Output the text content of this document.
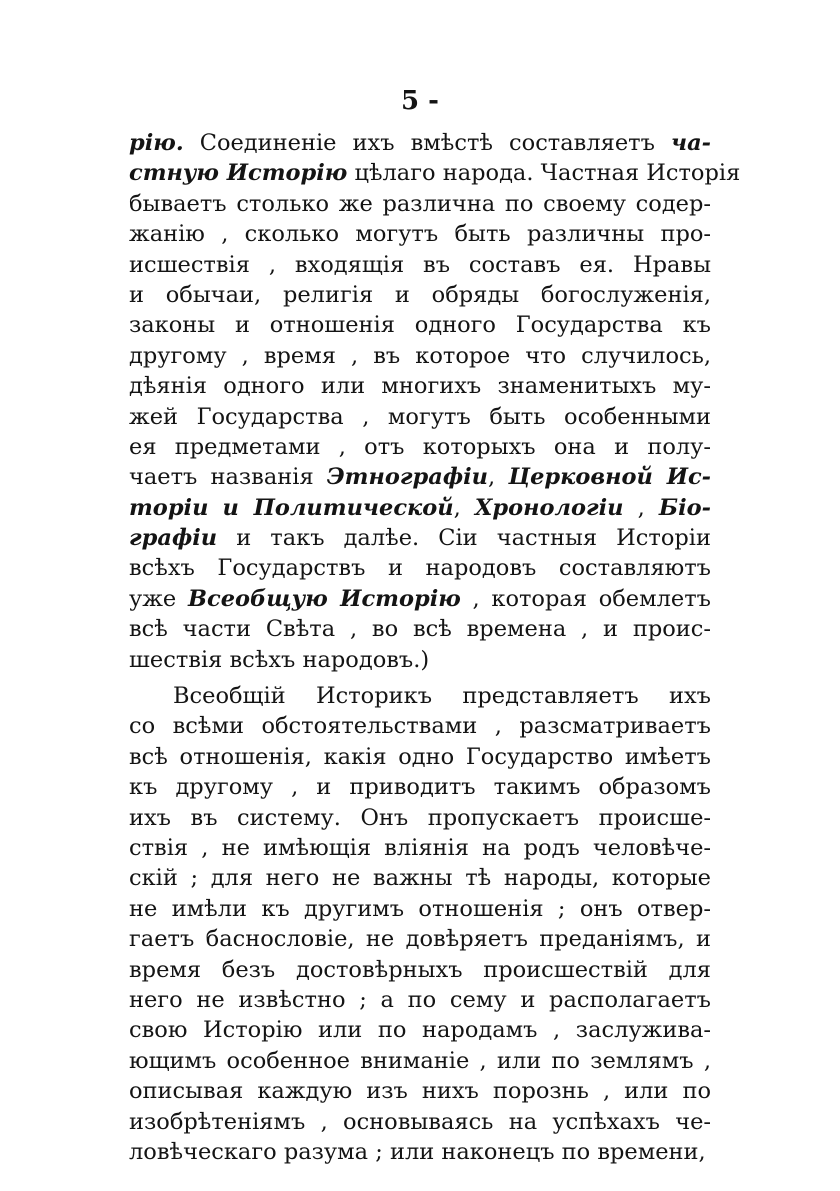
5 -
рію. Соединеніе ихъ вмѣстѣ составляетъ ча-
стную Исторію цѣлаго народа. Частная Исторія
бываетъ столько же различна по своему содер-
жанію , сколько могутъ быть различны про-
исшествія , входящія въ составъ ея. Нравы
и обычаи, религія и обряды богослуженія,
законы и отношенія одного Государства къ
другому , время , въ которое что случилось,
дѣянія одного или многихъ знаменитыхъ му-
жей Государства , могутъ быть особенными
ея предметами , отъ которыхъ она и полу-
чаетъ названія Этнографіи, Церковной Ис-
торіи и Политической, Хронологіи , Біо-
графіи и такъ далѣе. Сіи частныя Исторіи
всѣхъ Государствъ и народовъ составляютъ
уже Всеобщую Исторію , которая обемлетъ
всѣ части Свѣта , во всѣ времена , и проис-
шествія всѣхъ народовъ.)
Всеобщій Историкъ представляетъ ихъ
со всѣми обстоятельствами , разсматриваетъ
всѣ отношенія, какія одно Государство имѣетъ
къ другому , и приводитъ такимъ образомъ
ихъ въ систему. Онъ пропускаетъ происше-
ствія , не имѣющія вліянія на родъ человѣче-
скій ; для него не важны тѣ народы, которые
не имѣли къ другимъ отношенія ; онъ отвер-
гаетъ баснословіе, не довѣряетъ преданіямъ, и
время безъ достовѣрныхъ происшествій для
него не извѣстно ; а по сему и располагаетъ
свою Исторію или по народамъ , заслужива-
ющимъ особенное вниманіе , или по землямъ ,
описывая каждую изъ нихъ порознь , или по
изобрѣтеніямъ , основываясь на успѣхахъ че-
ловѣческаго разума ; или наконецъ по времени,
